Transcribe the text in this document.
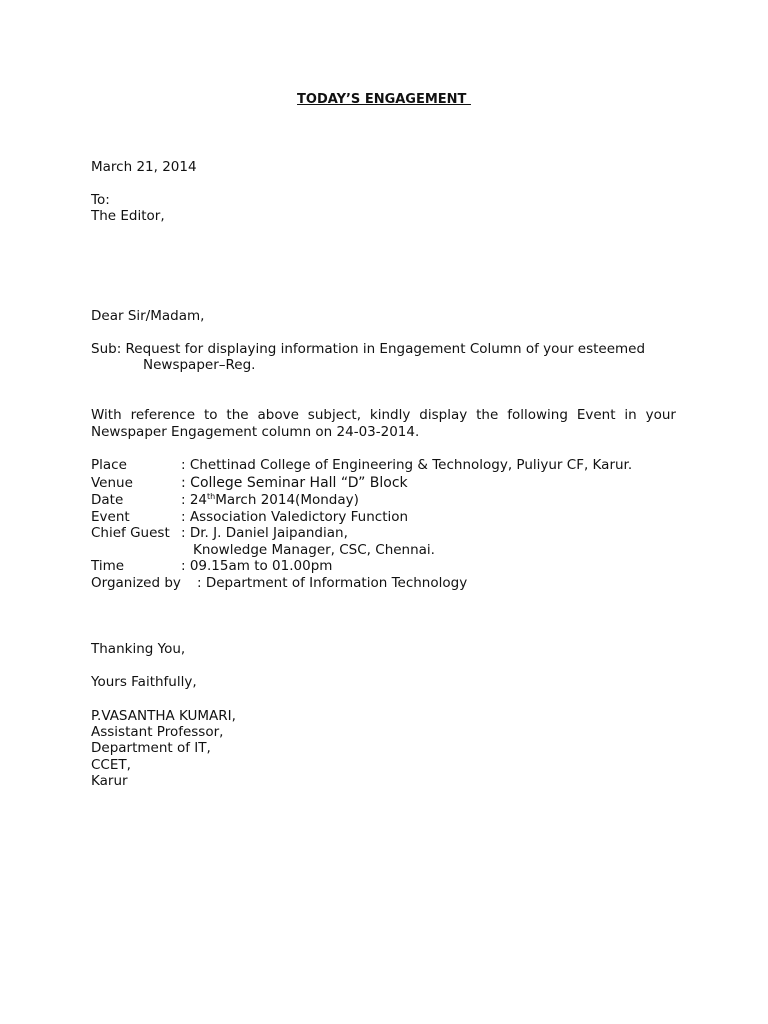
TODAY’S ENGAGEMENT
March 21, 2014
To:
The Editor,
Dear Sir/Madam,
Sub: Request for displaying information in Engagement Column of your esteemed
Newspaper–Reg.
With reference to the above subject, kindly display the following Event in your
Newspaper Engagement column on 24-03-2014.
Place	: Chettinad College of Engineering & Technology, Puliyur CF, Karur.
Venue	: College Seminar Hall “D” Block
Date	: 24thMarch 2014(Monday)
Event	: Association Valedictory Function
Chief Guest : Dr. J. Daniel Jaipandian,
Knowledge Manager, CSC, Chennai.
Time	: 09.15am to 01.00pm
Organized by : Department of Information Technology
Thanking You,
Yours Faithfully,
P.VASANTHA KUMARI,
Assistant Professor,
Department of IT,
CCET,
Karur
